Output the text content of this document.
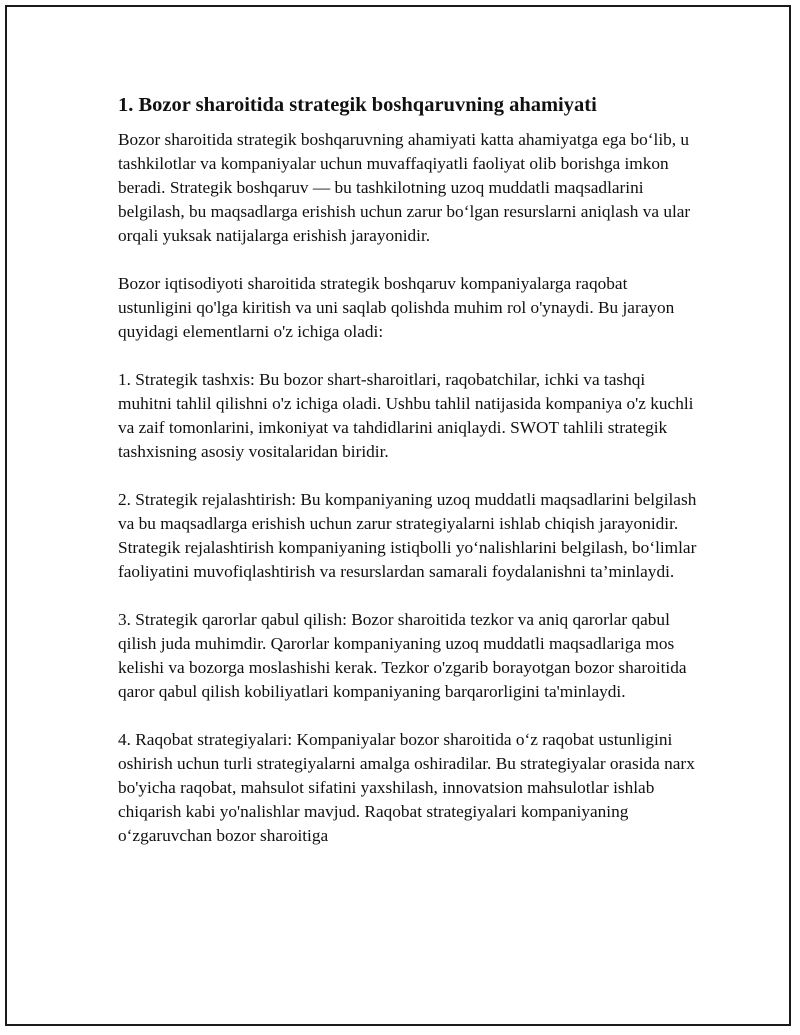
1. Bozor sharoitida strategik boshqaruvning ahamiyati

Bozor sharoitida strategik boshqaruvning ahamiyati katta ahamiyatga ega bo‘lib, u tashkilotlar va kompaniyalar uchun muvaffaqiyatli faoliyat olib borishga imkon beradi. Strategik boshqaruv — bu tashkilotning uzoq muddatli maqsadlarini belgilash, bu maqsadlarga erishish uchun zarur bo‘lgan resurslarni aniqlash va ular orqali yuksak natijalarga erishish jarayonidir.

Bozor iqtisodiyoti sharoitida strategik boshqaruv kompaniyalarga raqobat ustunligini qo'lga kiritish va uni saqlab qolishda muhim rol o'ynaydi. Bu jarayon quyidagi elementlarni o'z ichiga oladi:

1. Strategik tashxis: Bu bozor shart-sharoitlari, raqobatchilar, ichki va tashqi muhitni tahlil qilishni o'z ichiga oladi. Ushbu tahlil natijasida kompaniya o'z kuchli va zaif tomonlarini, imkoniyat va tahdidlarini aniqlaydi. SWOT tahlili strategik tashxisning asosiy vositalaridan biridir.

2. Strategik rejalashtirish: Bu kompaniyaning uzoq muddatli maqsadlarini belgilash va bu maqsadlarga erishish uchun zarur strategiyalarni ishlab chiqish jarayonidir. Strategik rejalashtirish kompaniyaning istiqbolli yo‘nalishlarini belgilash, bo‘limlar faoliyatini muvofiqlashtirish va resurslardan samarali foydalanishni ta’minlaydi.

3. Strategik qarorlar qabul qilish: Bozor sharoitida tezkor va aniq qarorlar qabul qilish juda muhimdir. Qarorlar kompaniyaning uzoq muddatli maqsadlariga mos kelishi va bozorga moslashishi kerak. Tezkor o'zgarib borayotgan bozor sharoitida qaror qabul qilish kobiliyatlari kompaniyaning barqarorligini ta'minlaydi.

4. Raqobat strategiyalari: Kompaniyalar bozor sharoitida o‘z raqobat ustunligini oshirish uchun turli strategiyalarni amalga oshiradilar. Bu strategiyalar orasida narx bo'yicha raqobat, mahsulot sifatini yaxshilash, innovatsion mahsulotlar ishlab chiqarish kabi yo'nalishlar mavjud. Raqobat strategiyalari kompaniyaning o‘zgaruvchan bozor sharoitiga
